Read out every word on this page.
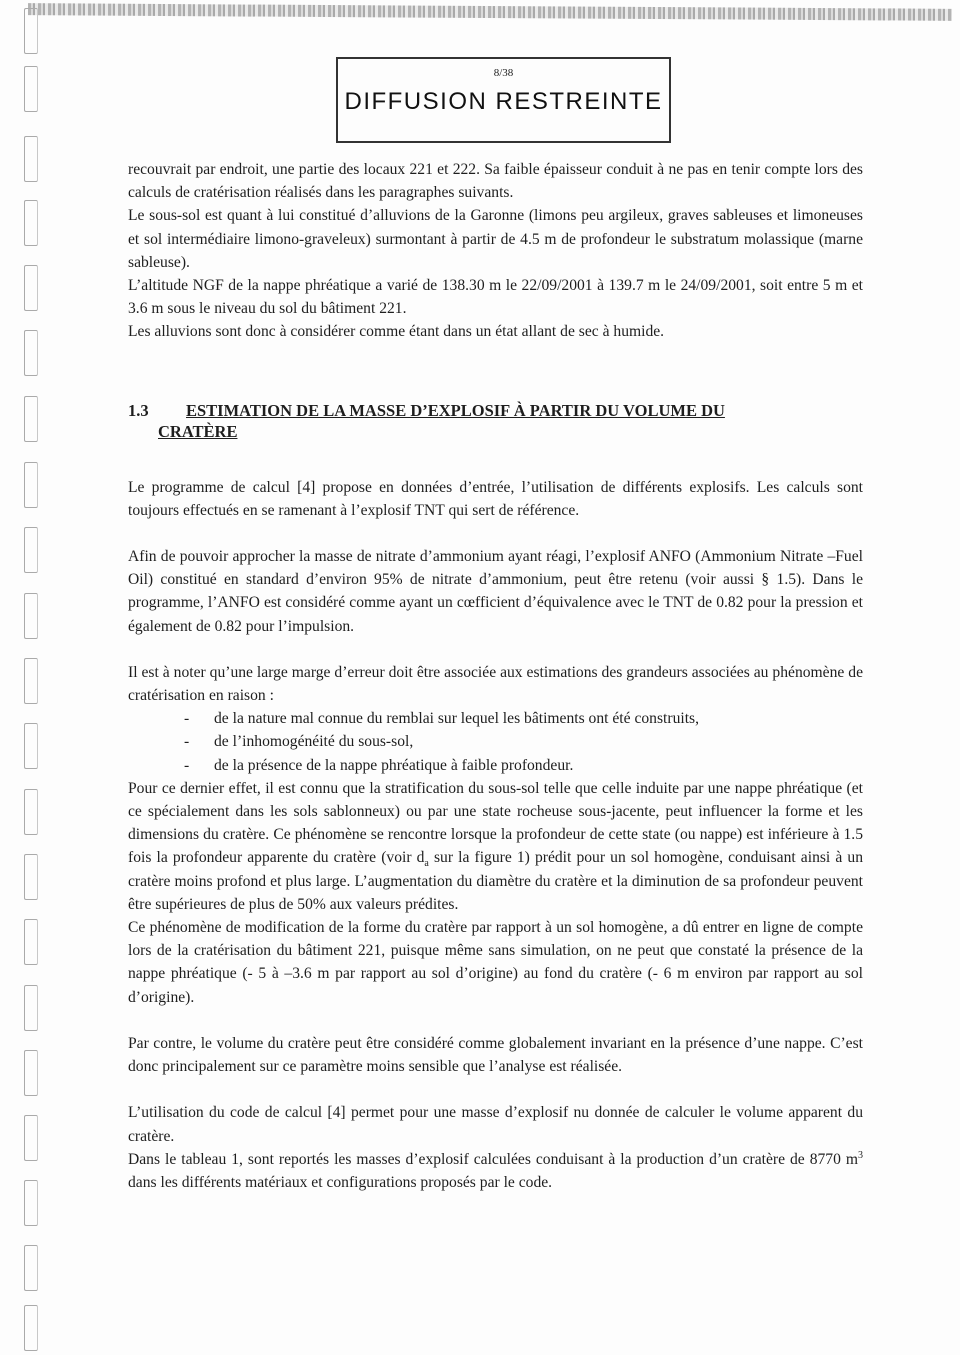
8/38
DIFFUSION RESTREINTE

recouvrait par endroit, une partie des locaux 221 et 222. Sa faible épaisseur conduit à ne pas en tenir compte lors des calculs de cratérisation réalisés dans les paragraphes suivants.

Le sous-sol est quant à lui constitué d’alluvions de la Garonne (limons peu argileux, graves sableuses et limoneuses et sol intermédiaire limono-graveleux) surmontant à partir de 4.5 m de profondeur le substratum molassique (marne sableuse).

L’altitude NGF de la nappe phréatique a varié de 138.30 m le 22/09/2001 à 139.7 m le 24/09/2001, soit entre 5 m et 3.6 m sous le niveau du sol du bâtiment 221.

Les alluvions sont donc à considérer comme étant dans un état allant de sec à humide.

1.3 ESTIMATION DE LA MASSE D’EXPLOSIF À PARTIR DU VOLUME DU
CRATÈRE

Le programme de calcul [4] propose en données d’entrée, l’utilisation de différents explosifs. Les calculs sont toujours effectués en se ramenant à l’explosif TNT qui sert de référence.

Afin de pouvoir approcher la masse de nitrate d’ammonium ayant réagi, l’explosif ANFO (Ammonium Nitrate –Fuel Oil) constitué en standard d’environ 95% de nitrate d’ammonium, peut être retenu (voir aussi § 1.5). Dans le programme, l’ANFO est considéré comme ayant un cœfficient d’équivalence avec le TNT de 0.82 pour la pression et également de 0.82 pour l’impulsion.

Il est à noter qu’une large marge d’erreur doit être associée aux estimations des grandeurs associées au phénomène de cratérisation en raison :

- de la nature mal connue du remblai sur lequel les bâtiments ont été construits,
- de l’inhomogénéité du sous-sol,
- de la présence de la nappe phréatique à faible profondeur.

Pour ce dernier effet, il est connu que la stratification du sous-sol telle que celle induite par une nappe phréatique (et ce spécialement dans les sols sablonneux) ou par une state rocheuse sous-jacente, peut influencer la forme et les dimensions du cratère. Ce phénomène se rencontre lorsque la profondeur de cette state (ou nappe) est inférieure à 1.5 fois la profondeur apparente du cratère (voir $d_a$ sur la figure 1) prédit pour un sol homogène, conduisant ainsi à un cratère moins profond et plus large. L’augmentation du diamètre du cratère et la diminution de sa profondeur peuvent être supérieures de plus de 50% aux valeurs prédites.

Ce phénomène de modification de la forme du cratère par rapport à un sol homogène, a dû entrer en ligne de compte lors de la cratérisation du bâtiment 221, puisque même sans simulation, on ne peut que constaté la présence de la nappe phréatique (- 5 à –3.6 m par rapport au sol d’origine) au fond du cratère (- 6 m environ par rapport au sol d’origine).

Par contre, le volume du cratère peut être considéré comme globalement invariant en la présence d’une nappe. C’est donc principalement sur ce paramètre moins sensible que l’analyse est réalisée.

L’utilisation du code de calcul [4] permet pour une masse d’explosif nu donnée de calculer le volume apparent du cratère.

Dans le tableau 1, sont reportés les masses d’explosif calculées conduisant à la production d’un cratère de 8770 $m^3$ dans les différents matériaux et configurations proposés par le code.
